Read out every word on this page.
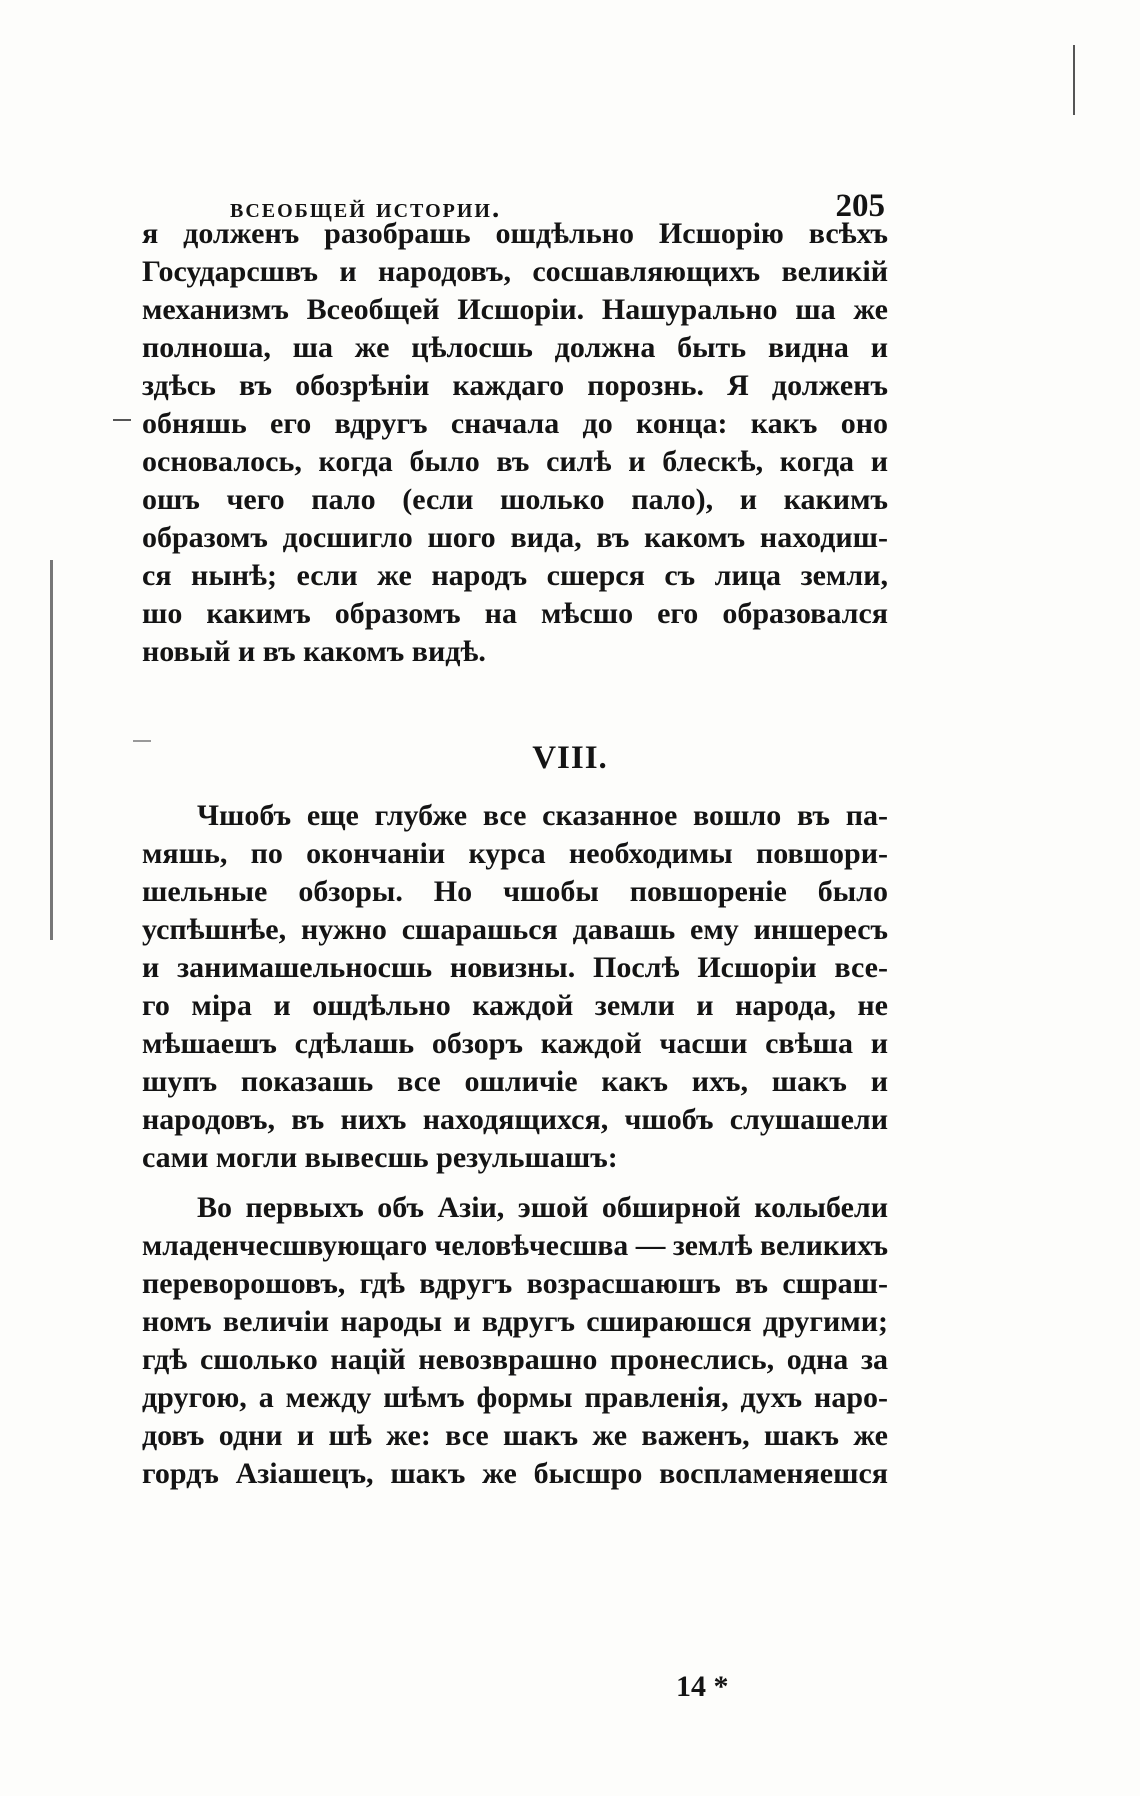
всеобщей истории.	205
я долженъ разобрашь ошдѣльно Исшорію всѣхъ
Государсшвъ и народовъ, сосшавляющихъ великій
механизмъ Всеобщей Исшоріи. Нашурально ша же
полноша, ша же цѣлосшь должна быть видна и
здѣсь въ обозрѣніи каждаго порознь. Я долженъ
обняшь его вдругъ сначала до конца: какъ оно
основалось, когда было въ силѣ и блескѣ, когда и
ошъ чего пало (если шолько пало), и какимъ
образомъ досшигло шого вида, въ какомъ находиш-
ся нынѣ; если же народъ сшерся съ лица земли,
шо какимъ образомъ на мѣсшо его образовался
новый и въ какомъ видѣ.
VIII.
Чшобъ еще глубже все сказанное вошло въ па-
мяшь, по окончаніи курса необходимы повшори-
шельные обзоры. Но чшобы повшореніе было
успѣшнѣе, нужно сшарашься давашь ему иншересъ
и занимашельносшь новизны. Послѣ Исшоріи все-
го міра и ошдѣльно каждой земли и народа, не
мѣшаешъ сдѣлашь обзоръ каждой часши свѣша и
шупъ показашь все ошличіе какъ ихъ, шакъ и
народовъ, въ нихъ находящихся, чшобъ слушашели
сами могли вывесшь резульшашъ:
Во первыхъ объ Азіи, эшой обширной колыбели
младенчесшвующаго человѣчесшва — землѣ великихъ
переворошовъ, гдѣ вдругъ возрасшаюшъ въ сшраш-
номъ величіи народы и вдругъ сшираюшся другими;
гдѣ сшолько націй невозврашно пронеслись, одна за
другою, а между шѣмъ формы правленія, духъ наро-
довъ одни и шѣ же: все шакъ же важенъ, шакъ же
гордъ Азіашецъ, шакъ же бысшро воспламеняешся
14 *
